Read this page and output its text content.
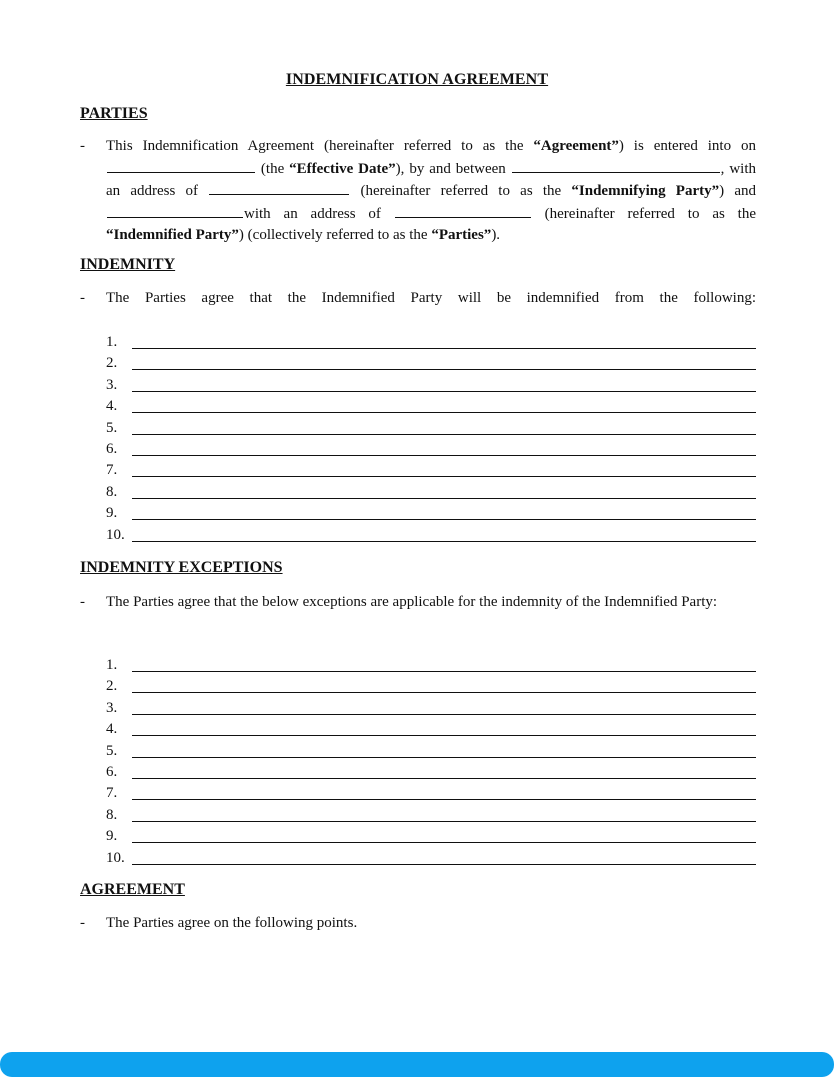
INDEMNIFICATION AGREEMENT
PARTIES
- This Indemnification Agreement (hereinafter referred to as the “Agreement”) is entered into on  (the “Effective Date”), by and between	, with an address of	(hereinafter referred to as the “Indemnifying Party”) and with an address of	(hereinafter referred to as the “Indemnified Party”) (collectively referred to as the “Parties”).
INDEMNITY
- The Parties agree that the Indemnified Party will be indemnified from the following:
1.
2.
3.
4.
5.
6.
7.
8.
9.
10.
INDEMNITY EXCEPTIONS
- The Parties agree that the below exceptions are applicable for the indemnity of the Indemnified Party:
1.
2.
3.
4.
5.
6.
7.
8.
9.
10.
AGREEMENT
- The Parties agree on the following points.
